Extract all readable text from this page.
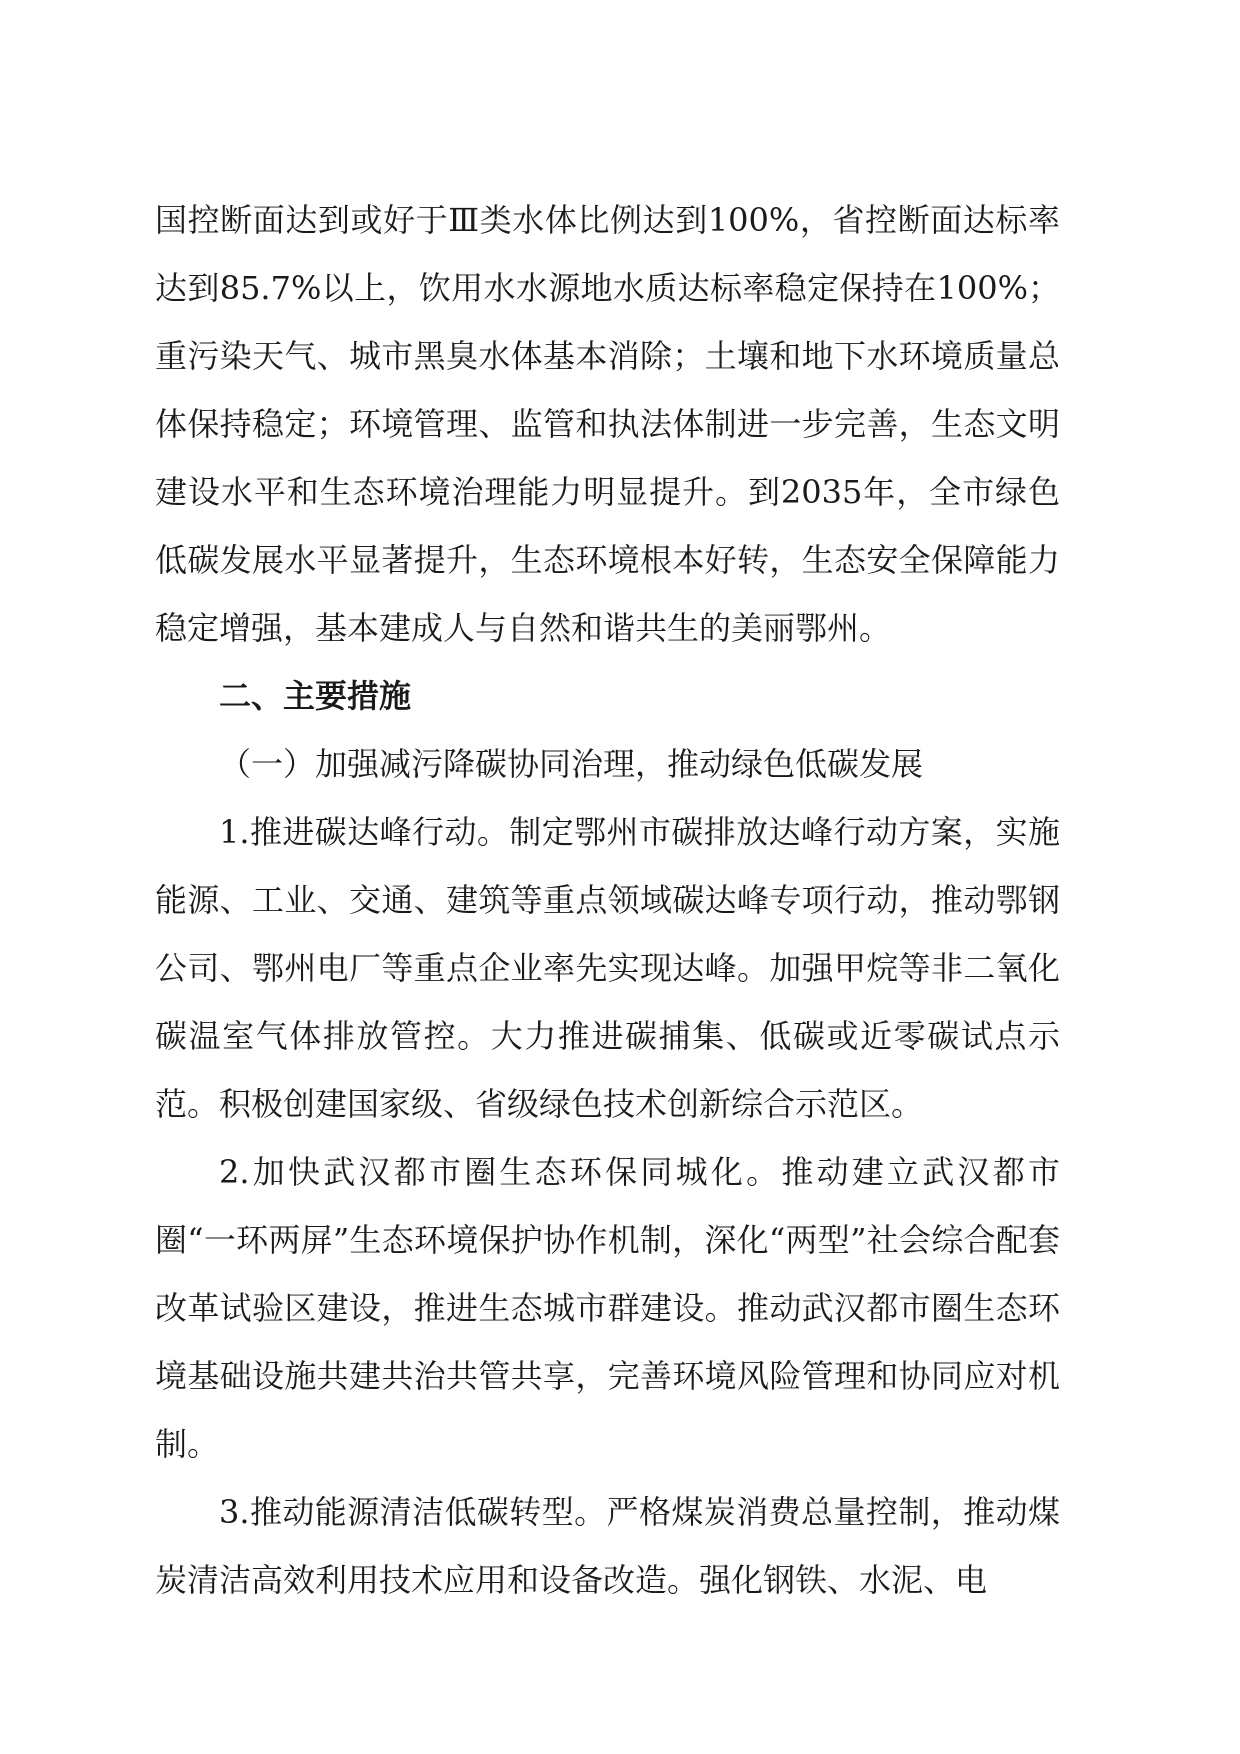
国控断面达到或好于Ⅲ类水体比例达到100%，省控断面达标率达到85.7%以上，饮用水水源地水质达标率稳定保持在100%；重污染天气、城市黑臭水体基本消除；土壤和地下水环境质量总体保持稳定；环境管理、监管和执法体制进一步完善，生态文明建设水平和生态环境治理能力明显提升。到2035年，全市绿色低碳发展水平显著提升，生态环境根本好转，生态安全保障能力稳定增强，基本建成人与自然和谐共生的美丽鄂州。

二、主要措施

（一）加强减污降碳协同治理，推动绿色低碳发展

1.推进碳达峰行动。制定鄂州市碳排放达峰行动方案，实施能源、工业、交通、建筑等重点领域碳达峰专项行动，推动鄂钢公司、鄂州电厂等重点企业率先实现达峰。加强甲烷等非二氧化碳温室气体排放管控。大力推进碳捕集、低碳或近零碳试点示范。积极创建国家级、省级绿色技术创新综合示范区。

2.加快武汉都市圈生态环保同城化。推动建立武汉都市圈“一环两屏”生态环境保护协作机制，深化“两型”社会综合配套改革试验区建设，推进生态城市群建设。推动武汉都市圈生态环境基础设施共建共治共管共享，完善环境风险管理和协同应对机制。

3.推动能源清洁低碳转型。严格煤炭消费总量控制，推动煤炭清洁高效利用技术应用和设备改造。强化钢铁、水泥、电
